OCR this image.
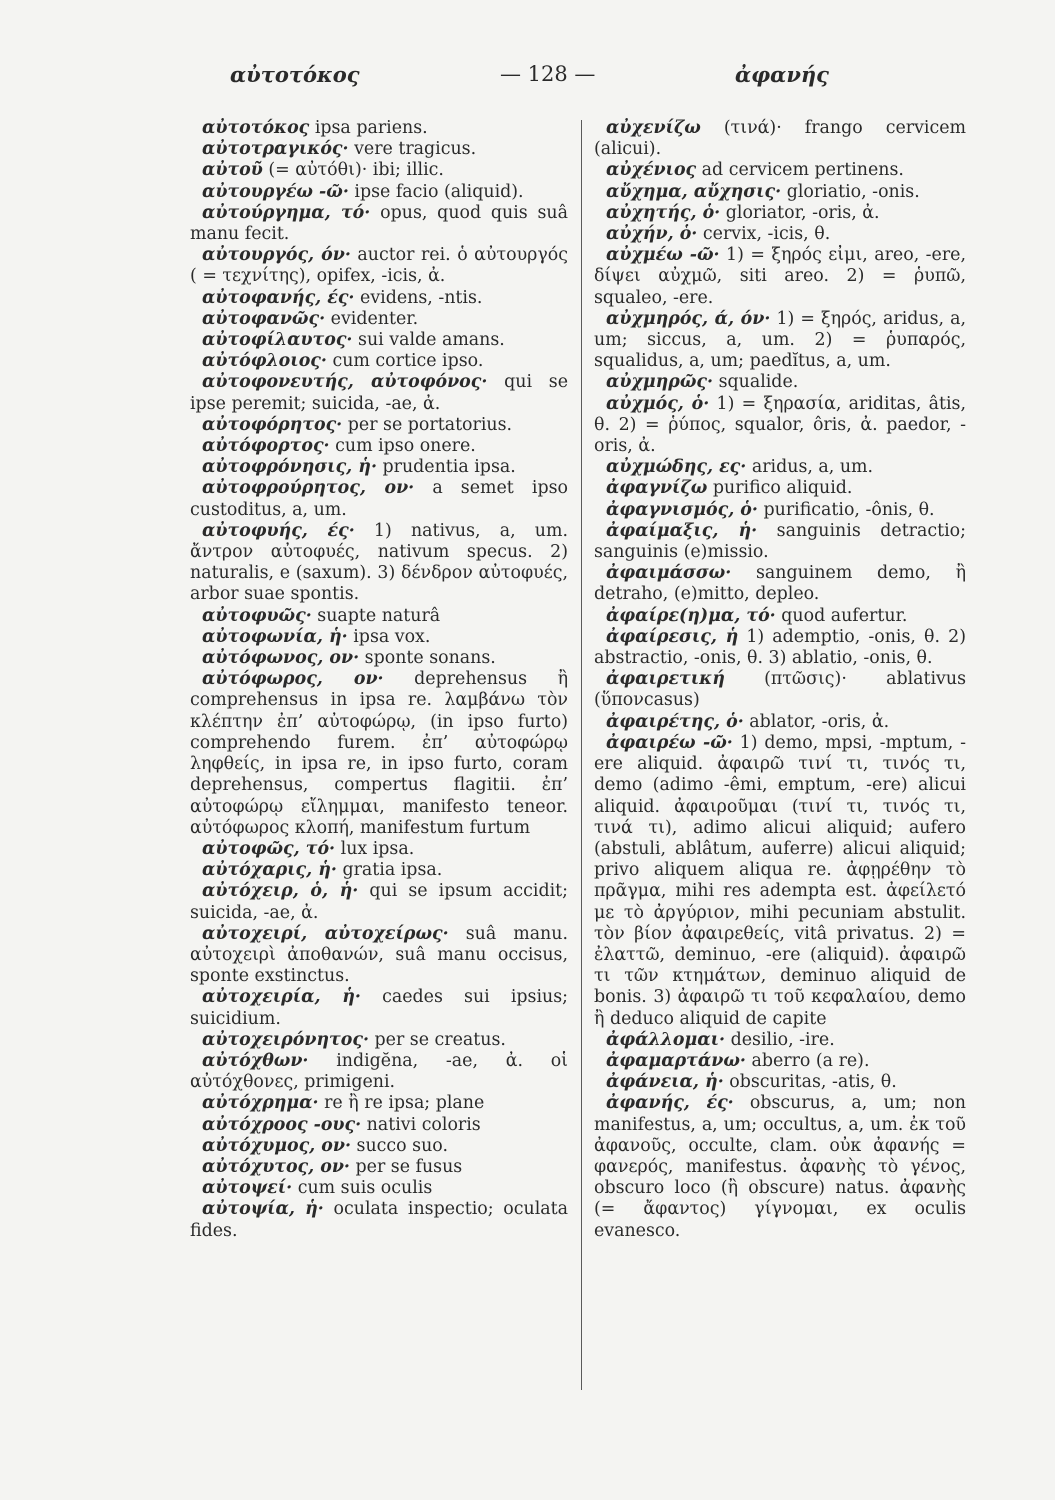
αὐτοτόκος	— 128 —	ἀφανής

αὐτοτόκος ipsa pariens.

αὐτοτραγικός· vere tragicus.

αὐτοῦ (= αὐτόθι)· ibi; illic.

αὐτουργέω -ῶ· ipse facio (aliquid).

αὐτούργημα, τό· opus, quod quis suâ manu fecit.

αὐτουργός, όν· auctor rei. ὁ αὐτουργός ( = τεχνίτης), opifex, -icis, ἀ.

αὐτοφανής, ές· evidens, -ntis.

αὐτοφανῶς· evidenter.

αὐτοφίλαυτος· sui valde amans.

αὐτόφλοιος· cum cortice ipso.

αὐτοφονευτής, αὐτοφόνος· qui se ipse peremit; suicida, -ae, ἀ.

αὐτοφόρητος· per se portatorius.

αὐτόφορτος· cum ipso onere.

αὐτοφρόνησις, ἡ· prudentia ipsa.

αὐτοφρούρητος, ον· a semet ipso custoditus, a, um.

αὐτοφυής, ές· 1) nativus, a, um. ἄντρον αὐτοφυές, nativum specus. 2) naturalis, e (saxum). 3) δένδρον αὐτοφυές, arbor suae spontis.

αὐτοφυῶς· suapte naturâ

αὐτοφωνία, ἡ· ipsa vox.

αὐτόφωνος, ον· sponte sonans.

αὐτόφωρος, ον· deprehensus ἢ comprehensus in ipsa re. λαμβάνω τὸν κλέπτην ἐπ’ αὐτοφώρῳ, (in ipso furto) comprehendo furem. ἐπ’ αὐτοφώρῳ ληφθείς, in ipsa re, in ipso furto, coram deprehensus, compertus flagitii. ἐπ’ αὐτοφώρῳ εἴλημμαι, manifesto teneor. αὐτόφωρος κλοπή, manifestum furtum

αὐτοφῶς, τό· lux ipsa.

αὐτόχαρις, ἡ· gratia ipsa.

αὐτόχειρ, ὁ, ἡ· qui se ipsum accidit; suicida, -ae, ἀ.

αὐτοχειρί, αὐτοχείρως· suâ manu. αὐτοχειρὶ ἀποθανών, suâ manu occisus, sponte exstinctus.

αὐτοχειρία, ἡ· caedes sui ipsius; suicidium.

αὐτοχειρόνητος· per se creatus.

αὐτόχθων· indigĕna, -ae, ἀ. οἱ αὐτόχθονες, primigeni.

αὐτόχρημα· re ἢ re ipsa; plane

αὐτόχροος -ους· nativi coloris

αὐτόχυμος, ον· succo suo.

αὐτόχυτος, ον· per se fusus

αὐτοψεί· cum suis oculis

αὐτοψία, ἡ· oculata inspectio; oculata fides.

αὐχενίζω (τινά)· frango cervicem (alicui).

αὐχένιος ad cervicem pertinens.

αὔχημα, αὔχησις· gloriatio, -onis.

αὐχητής, ὁ· gloriator, -oris, ἀ.

αὐχήν, ὁ· cervix, -icis, θ.

αὐχμέω -ῶ· 1) = ξηρός εἰμι, areo, -ere, δίψει αὐχμῶ, siti areo. 2) = ῥυπῶ, squaleo, -ere.

αὐχμηρός, ά, όν· 1) = ξηρός, aridus, a, um; siccus, a, um. 2) = ῥυπαρός, squalidus, a, um; paedĭtus, a, um.

αὐχμηρῶς· squalide.

αὐχμός, ὁ· 1) = ξηρασία, ariditas, âtis, θ. 2) = ῥύπος, squalor, ôris, ἀ. paedor, -oris, ἀ.

αὐχμώδης, ες· aridus, a, um.

ἀφαγνίζω purifico aliquid.

ἀφαγνισμός, ὁ· purificatio, -ônis, θ.

ἀφαίμαξις, ἡ· sanguinis detractio; sanguinis (e)missio.

ἀφαιμάσσω· sanguinem demo, ἢ detraho, (e)mitto, depleo.

ἀφαίρε(η)μα, τό· quod aufertur.

ἀφαίρεσις, ἡ 1) ademptio, -onis, θ. 2) abstractio, -onis, θ. 3) ablatio, -onis, θ.

ἀφαιρετική (πτῶσις)· ablativus (ὕπονcasus)

ἀφαιρέτης, ὁ· ablator, -oris, ἀ.

ἀφαιρέω -ῶ· 1) demo, mpsi, -mptum, -ere aliquid. ἀφαιρῶ τινί τι, τινός τι, demo (adimo -êmi, emptum, -ere) alicui aliquid. ἀφαιροῦμαι (τινί τι, τινός τι, τινά τι), adimo alicui aliquid; aufero (abstuli, ablâtum, auferre) alicui aliquid; privo aliquem aliqua re. ἀφῃρέθην τὸ πρᾶγμα, mihi res adempta est. ἀφείλετό με τὸ ἀργύριον, mihi pecuniam abstulit. τὸν βίον ἀφαιρεθείς, vitâ privatus. 2) = ἐλαττῶ, deminuo, -ere (aliquid). ἀφαιρῶ τι τῶν κτημάτων, deminuo aliquid de bonis. 3) ἀφαιρῶ τι τοῦ κεφαλαίου, demo ἢ deduco aliquid de capite

ἀφάλλομαι· desilio, -ire.

ἀφαμαρτάνω· aberro (a re).

ἀφάνεια, ἡ· obscuritas, -atis, θ.

ἀφανής, ές· obscurus, a, um; non manifestus, a, um; occultus, a, um. ἐκ τοῦ ἀφανοῦς, occulte, clam. οὐκ ἀφανής = φανερός, manifestus. ἀφανὴς τὸ γένος, obscuro loco (ἢ obscure) natus. ἀφανὴς (= ἄφαντος) γίγνομαι, ex oculis evanesco.
